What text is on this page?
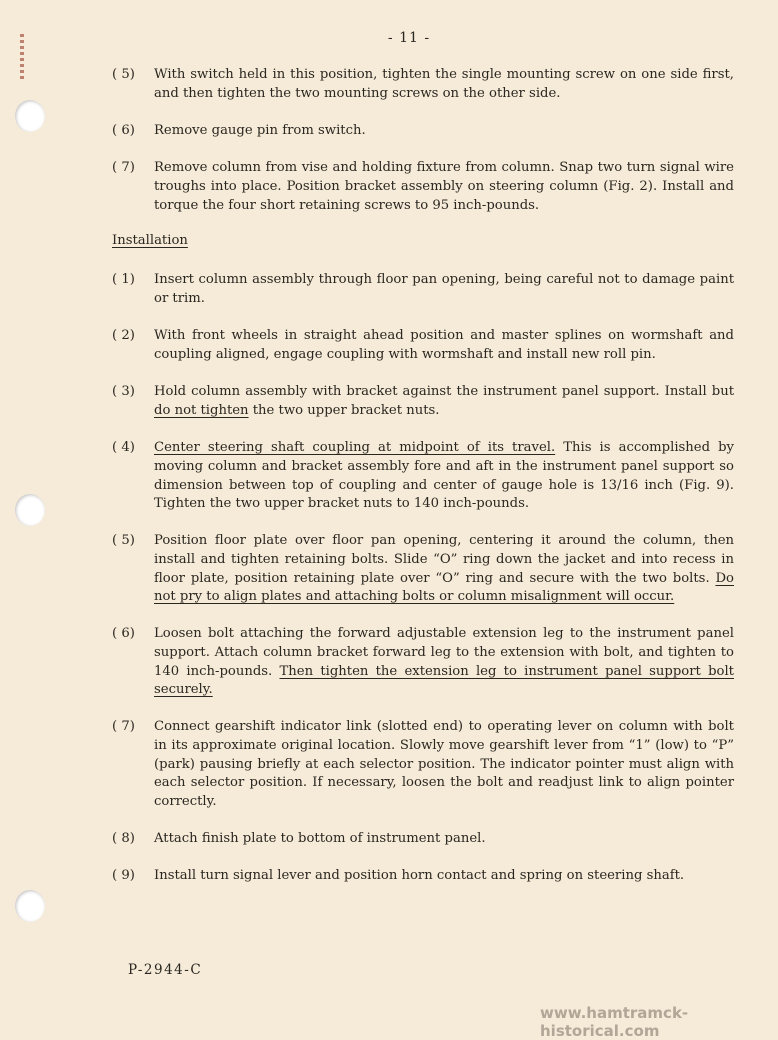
- 11 -
( 5)	With switch held in this position, tighten the single mounting screw on one side first, and then tighten the two mounting screws on the other side.
( 6)	Remove gauge pin from switch.
( 7)	Remove column from vise and holding fixture from column. Snap two turn signal wire troughs into place. Position bracket assembly on steering column (Fig. 2). Install and torque the four short retaining screws to 95 inch-pounds.
Installation
( 1)	Insert column assembly through floor pan opening, being careful not to damage paint or trim.
( 2)	With front wheels in straight ahead position and master splines on wormshaft and coupling aligned, engage coupling with wormshaft and install new roll pin.
( 3)	Hold column assembly with bracket against the instrument panel support. Install but do not tighten the two upper bracket nuts.
( 4)	Center steering shaft coupling at midpoint of its travel. This is accomplished by moving column and bracket assembly fore and aft in the instrument panel support so dimension between top of coupling and center of gauge hole is 13/16 inch (Fig. 9). Tighten the two upper bracket nuts to 140 inch-pounds.
( 5)	Position floor plate over floor pan opening, centering it around the column, then install and tighten retaining bolts. Slide “O” ring down the jacket and into recess in floor plate, position retaining plate over “O” ring and secure with the two bolts. Do not pry to align plates and attaching bolts or column misalignment will occur.
( 6)	Loosen bolt attaching the forward adjustable extension leg to the instrument panel support. Attach column bracket forward leg to the extension with bolt, and tighten to 140 inch-pounds. Then tighten the extension leg to instrument panel support bolt securely.
( 7)	Connect gearshift indicator link (slotted end) to operating lever on column with bolt in its approximate original location. Slowly move gearshift lever from “1” (low) to “P” (park) pausing briefly at each selector position. The indicator pointer must align with each selector position. If necessary, loosen the bolt and readjust link to align pointer correctly.
( 8)	Attach finish plate to bottom of instrument panel.
( 9)	Install turn signal lever and position horn contact and spring on steering shaft.
P-2944-C
www.hamtramck-historical.com
